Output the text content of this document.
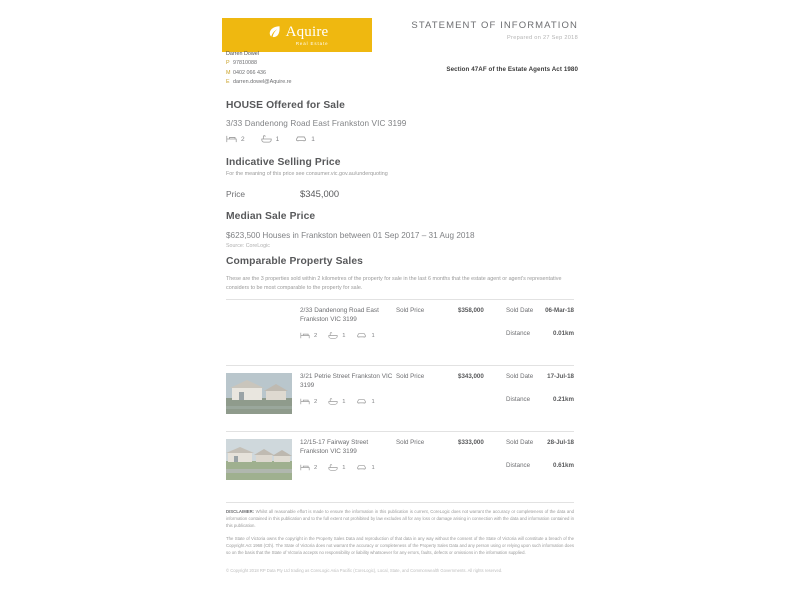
Aquire
Real Estate
STATEMENT OF INFORMATION
Prepared on 27 Sep 2018
Section 47AF of the Estate Agents Act 1980
Darren Dowel
P 97810088
M 0402 066 436
E darren.dowel@Aquire.re
HOUSE Offered for Sale
3/33 Dandenong Road East Frankston VIC 3199
2	1	1
Indicative Selling Price
For the meaning of this price see consumer.vic.gov.au/underquoting
Price	$345,000
Median Sale Price
$623,500 Houses in Frankston between 01 Sep 2017 – 31 Aug 2018
Source: CoreLogic
Comparable Property Sales
These are the 3 properties sold within 2 kilometres of the property for sale in the last 6 months that the estate agent or agent's representative considers to be most comparable to the property for sale.
2/33 Dandenong Road East Frankston VIC 3199
2	1	1
Sold Price	$358,000	Sold Date	06-Mar-18
Distance	0.01km
3/21 Petrie Street Frankston VIC 3199
2	1	1
Sold Price	$343,000	Sold Date	17-Jul-18
Distance	0.21km
12/15-17 Fairway Street Frankston VIC 3199
2	1	1
Sold Price	$333,000	Sold Date	28-Jul-18
Distance	0.61km

DISCLAIMER: Whilst all reasonable effort is made to ensure the information in this publication is current, CoreLogic does not warrant the accuracy or completeness of the data and information contained in this publication and to the full extent not prohibited by law excludes all for any loss or damage arising in connection with the data and information contained in this publication.

The State of Victoria owns the copyright in the Property Sales Data and reproduction of that data in any way without the consent of the State of Victoria will constitute a breach of the Copyright Act 1968 (Cth). The State of Victoria does not warrant the accuracy or completeness of the Property Sales Data and any person using or relying upon such information does so on the basis that the State of Victoria accepts no responsibility or liability whatsoever for any errors, faults, defects or omissions in the information supplied.

© Copyright 2018 RP Data Pty Ltd trading as CoreLogic Asia Pacific (CoreLogic), Local, State, and Commonwealth Governments. All rights reserved.
